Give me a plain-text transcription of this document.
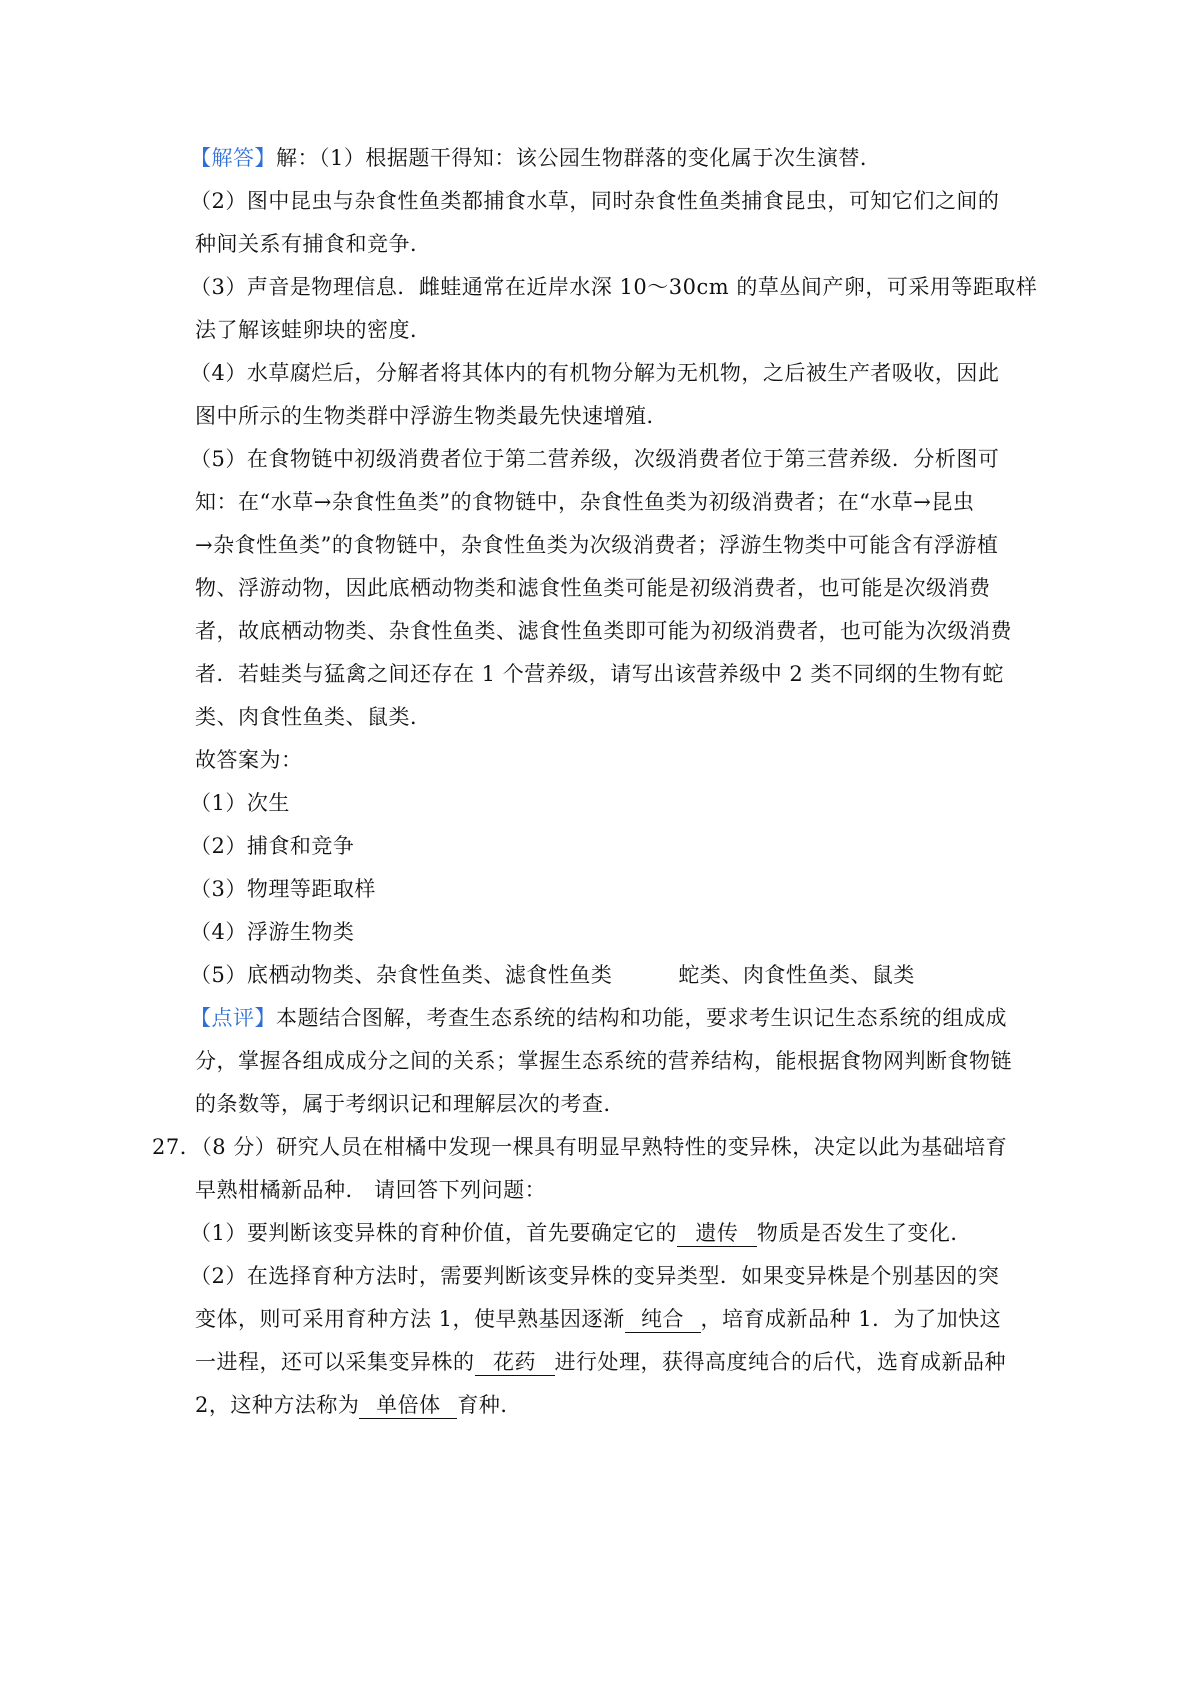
【解答】解：（1）根据题干得知：该公园生物群落的变化属于次生演替．
（2）图中昆虫与杂食性鱼类都捕食水草，同时杂食性鱼类捕食昆虫，可知它们之间的
种间关系有捕食和竞争．
（3）声音是物理信息．雌蛙通常在近岸水深 10～30cm 的草丛间产卵，可采用等距取样
法了解该蛙卵块的密度．
（4）水草腐烂后，分解者将其体内的有机物分解为无机物，之后被生产者吸收，因此
图中所示的生物类群中浮游生物类最先快速增殖．
（5）在食物链中初级消费者位于第二营养级，次级消费者位于第三营养级．分析图可
知：在“水草→杂食性鱼类”的食物链中，杂食性鱼类为初级消费者；在“水草→昆虫
→杂食性鱼类”的食物链中，杂食性鱼类为次级消费者；浮游生物类中可能含有浮游植
物、浮游动物，因此底栖动物类和滤食性鱼类可能是初级消费者，也可能是次级消费
者，故底栖动物类、杂食性鱼类、滤食性鱼类即可能为初级消费者，也可能为次级消费
者．若蛙类与猛禽之间还存在 1 个营养级，请写出该营养级中 2 类不同纲的生物有蛇
类、肉食性鱼类、鼠类．
故答案为：
（1）次生
（2）捕食和竞争
（3）物理等距取样
（4）浮游生物类
（5）底栖动物类、杂食性鱼类、滤食性鱼类	蛇类、肉食性鱼类、鼠类
【点评】本题结合图解，考查生态系统的结构和功能，要求考生识记生态系统的组成成
分，掌握各组成成分之间的关系；掌握生态系统的营养结构，能根据食物网判断食物链
的条数等，属于考纲识记和理解层次的考查．
27．（8 分）研究人员在柑橘中发现一棵具有明显早熟特性的变异株，决定以此为基础培育
早熟柑橘新品种． 请回答下列问题：
（1）要判断该变异株的育种价值，首先要确定它的 遗传 物质是否发生了变化．
（2）在选择育种方法时，需要判断该变异株的变异类型．如果变异株是个别基因的突
变体，则可采用育种方法 1，使早熟基因逐渐 纯合 ，培育成新品种 1．为了加快这
一进程，还可以采集变异株的 花药 进行处理，获得高度纯合的后代，选育成新品种
2，这种方法称为 单倍体 育种．
